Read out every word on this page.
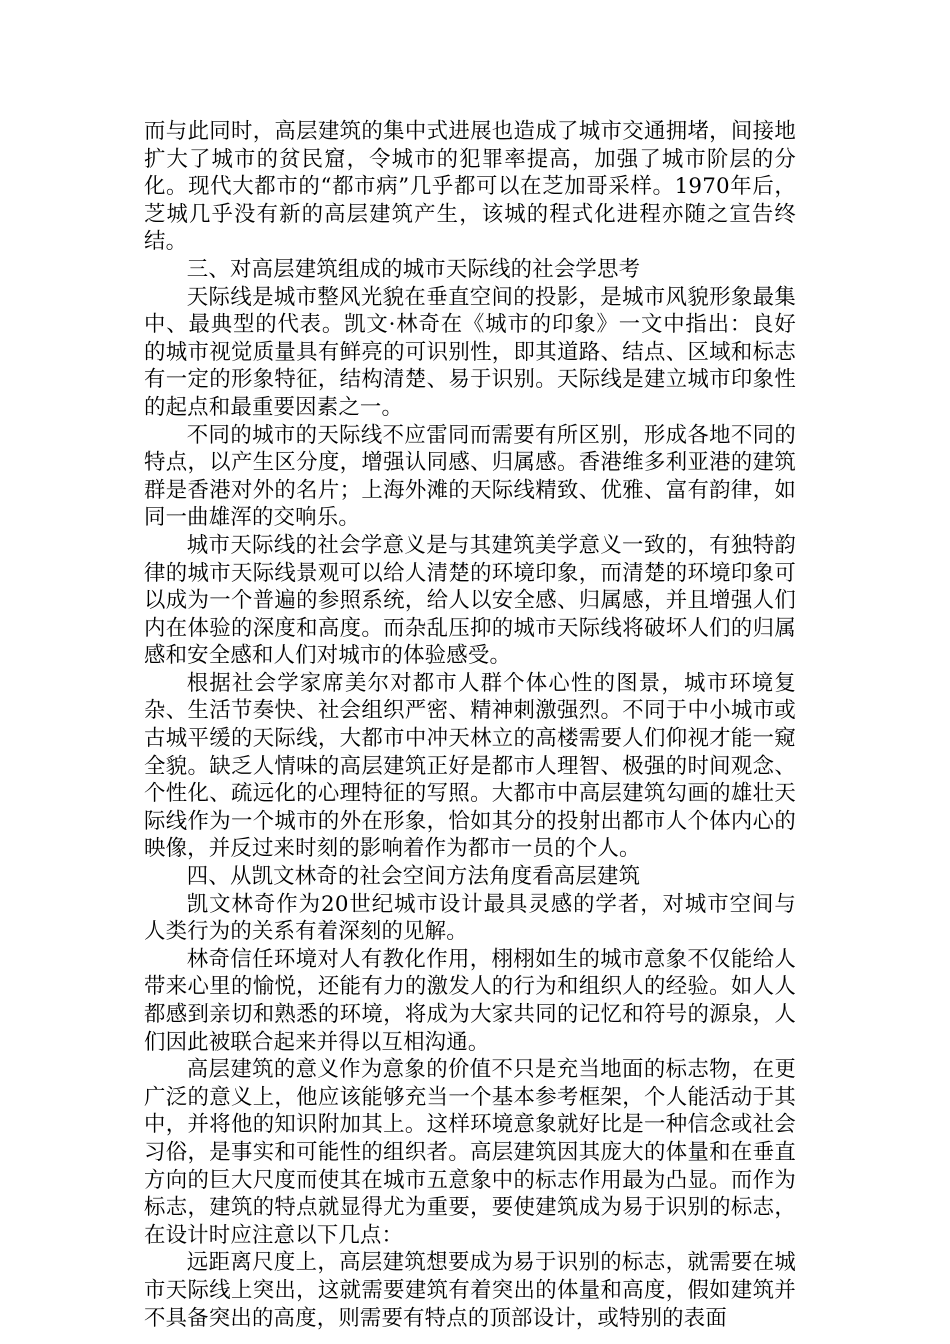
而与此同时，高层建筑的集中式进展也造成了城市交通拥堵，间接地扩大了城市的贫民窟，令城市的犯罪率提高，加强了城市阶层的分化。现代大都市的“都市病”几乎都可以在芝加哥采样。1970年后，芝城几乎没有新的高层建筑产生，该城的程式化进程亦随之宣告终结。

三、对高层建筑组成的城市天际线的社会学思考

天际线是城市整风光貌在垂直空间的投影，是城市风貌形象最集中、最典型的代表。凯文·林奇在《城市的印象》一文中指出：良好的城市视觉质量具有鲜亮的可识别性，即其道路、结点、区域和标志有一定的形象特征，结构清楚、易于识别。天际线是建立城市印象性的起点和最重要因素之一。

不同的城市的天际线不应雷同而需要有所区别，形成各地不同的特点，以产生区分度，增强认同感、归属感。香港维多利亚港的建筑群是香港对外的名片；上海外滩的天际线精致、优雅、富有韵律，如同一曲雄浑的交响乐。

城市天际线的社会学意义是与其建筑美学意义一致的，有独特韵律的城市天际线景观可以给人清楚的环境印象，而清楚的环境印象可以成为一个普遍的参照系统，给人以安全感、归属感，并且增强人们内在体验的深度和高度。而杂乱压抑的城市天际线将破坏人们的归属感和安全感和人们对城市的体验感受。

根据社会学家席美尔对都市人群个体心性的图景，城市环境复杂、生活节奏快、社会组织严密、精神刺激强烈。不同于中小城市或古城平缓的天际线，大都市中冲天林立的高楼需要人们仰视才能一窥全貌。缺乏人情味的高层建筑正好是都市人理智、极强的时间观念、个性化、疏远化的心理特征的写照。大都市中高层建筑勾画的雄壮天际线作为一个城市的外在形象，恰如其分的投射出都市人个体内心的映像，并反过来时刻的影响着作为都市一员的个人。

四、从凯文林奇的社会空间方法角度看高层建筑

凯文林奇作为20世纪城市设计最具灵感的学者，对城市空间与人类行为的关系有着深刻的见解。

林奇信任环境对人有教化作用，栩栩如生的城市意象不仅能给人带来心里的愉悦，还能有力的激发人的行为和组织人的经验。如人人都感到亲切和熟悉的环境，将成为大家共同的记忆和符号的源泉，人们因此被联合起来并得以互相沟通。

高层建筑的意义作为意象的价值不只是充当地面的标志物，在更广泛的意义上，他应该能够充当一个基本参考框架，个人能活动于其中，并将他的知识附加其上。这样环境意象就好比是一种信念或社会习俗，是事实和可能性的组织者。高层建筑因其庞大的体量和在垂直方向的巨大尺度而使其在城市五意象中的标志作用最为凸显。而作为标志，建筑的特点就显得尤为重要，要使建筑成为易于识别的标志，在设计时应注意以下几点：

远距离尺度上，高层建筑想要成为易于识别的标志，就需要在城市天际线上突出，这就需要建筑有着突出的体量和高度，假如建筑并不具备突出的高度，则需要有特点的顶部设计，或特别的表面
